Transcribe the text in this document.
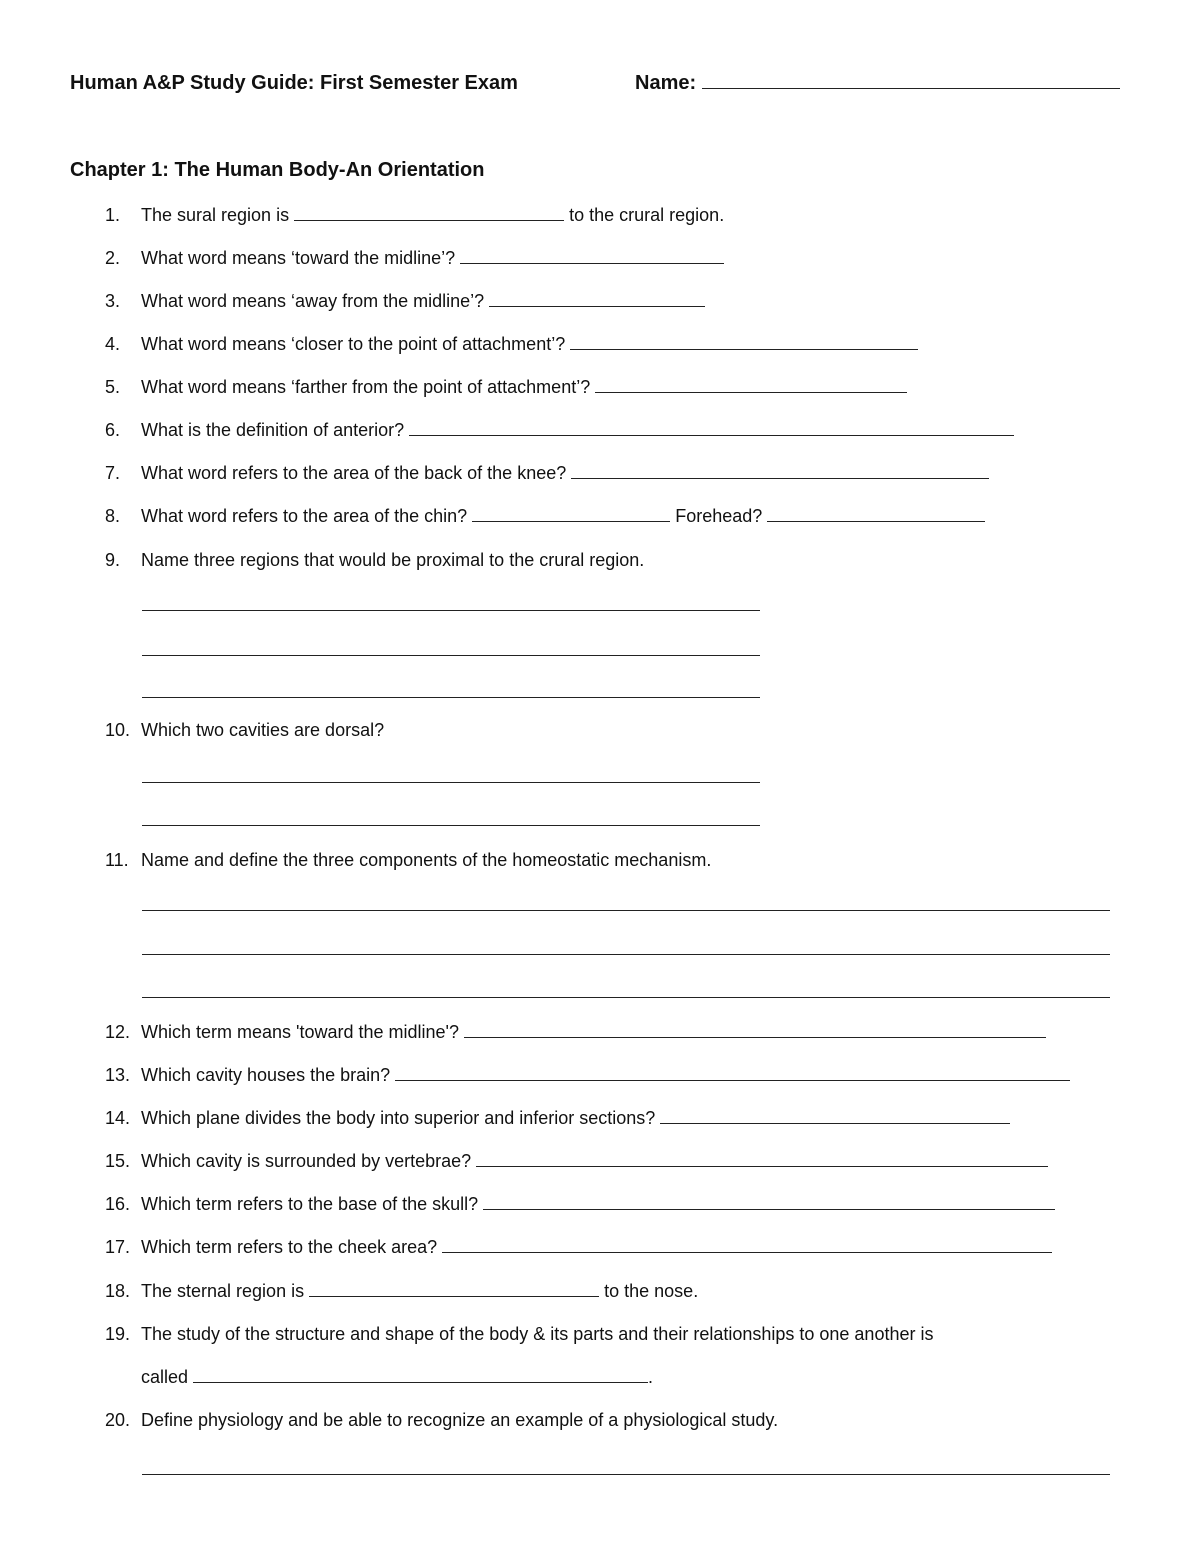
Human A&P Study Guide: First Semester Exam	Name:
Chapter 1: The Human Body-An Orientation
1. The sural region is	to the crural region.
2. What word means ‘toward the midline’?
3. What word means ‘away from the midline’?
4. What word means ‘closer to the point of attachment’?
5. What word means ‘farther from the point of attachment’?
6. What is the definition of anterior?
7. What word refers to the area of the back of the knee?
8. What word refers to the area of the chin?	Forehead?
9. Name three regions that would be proximal to the crural region.
10. Which two cavities are dorsal?
11. Name and define the three components of the homeostatic mechanism.
12. Which term means 'toward the midline'?
13. Which cavity houses the brain?
14. Which plane divides the body into superior and inferior sections?
15. Which cavity is surrounded by vertebrae?
16. Which term refers to the base of the skull?
17. Which term refers to the cheek area?
18. The sternal region is	to the nose.
19. The study of the structure and shape of the body & its parts and their relationships to one another is
called	.
20. Define physiology and be able to recognize an example of a physiological study.
